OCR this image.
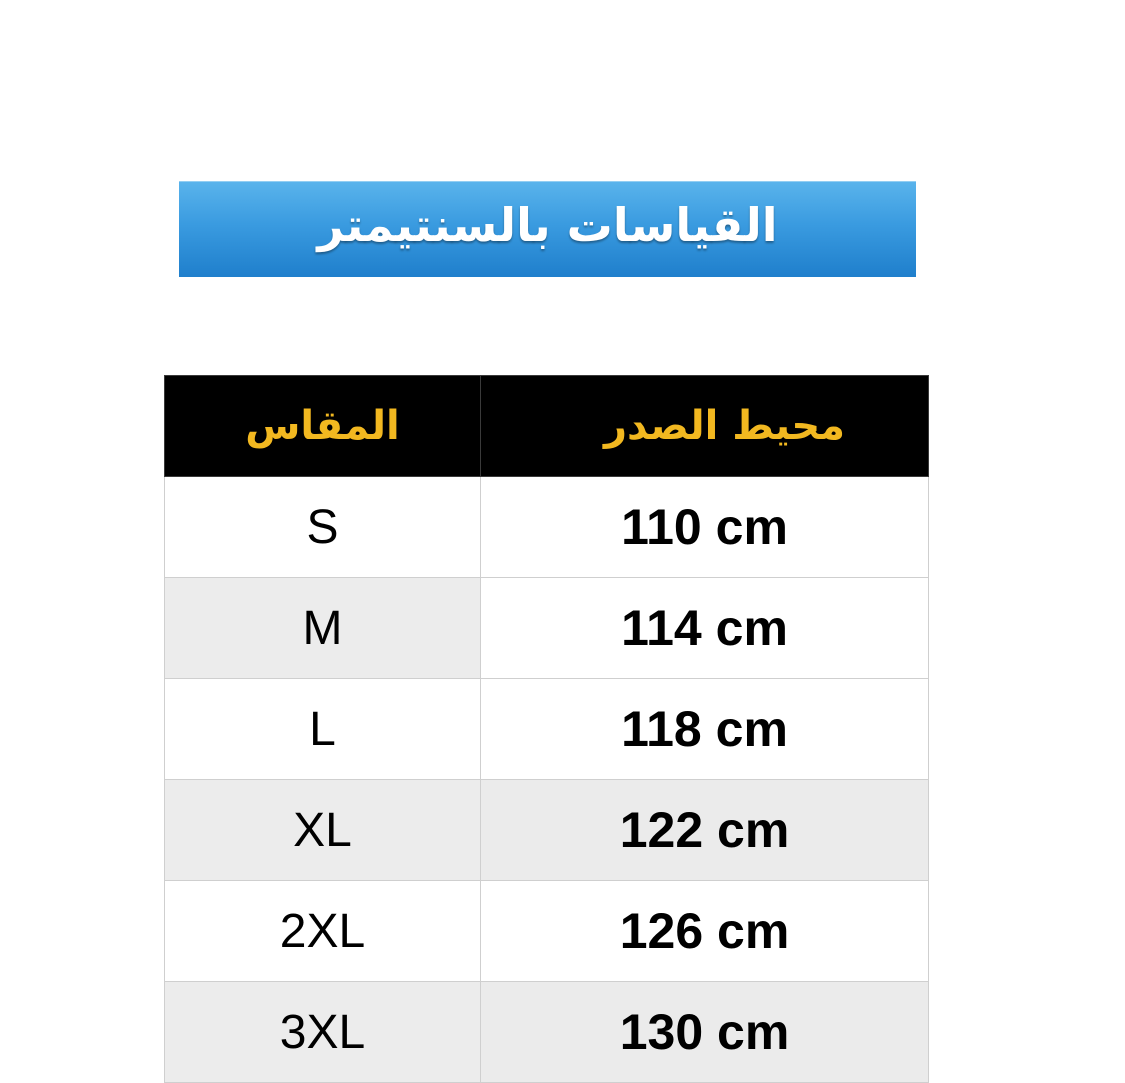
القياسات بالسنتيمتر
المقاس	محيط الصدر
S	110 cm
M	114 cm
L	118 cm
XL	122 cm
2XL	126 cm
3XL	130 cm
